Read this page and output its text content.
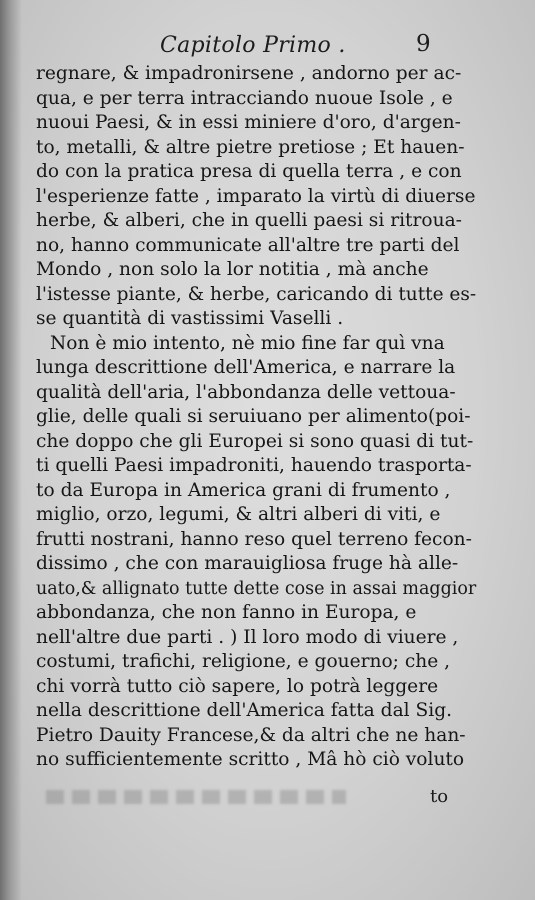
Capitolo Primo .	9
regnare, & impadronirsene , andorno per ac-
qua, e per terra intracciando nuoue Isole , e
nuoui Paesi, & in essi miniere d'oro, d'argen-
to, metalli, & altre pietre pretiose ; Et hauen-
do con la pratica presa di quella terra , e con
l'esperienze fatte , imparato la virtù di diuerse
herbe, & alberi, che in quelli paesi si ritroua-
no, hanno communicate all'altre tre parti del
Mondo , non solo la lor notitia , mà anche
l'istesse piante, & herbe, caricando di tutte es-
se quantità di vastissimi Vaselli .
Non è mio intento, nè mio fine far quì vna
lunga descrittione dell'America, e narrare la
qualità dell'aria, l'abbondanza delle vettoua-
glie, delle quali si seruiuano per alimento(poi-
che doppo che gli Europei si sono quasi di tut-
ti quelli Paesi impadroniti, hauendo trasporta-
to da Europa in America grani di frumento ,
miglio, orzo, legumi, & altri alberi di viti, e
frutti nostrani, hanno reso quel terreno fecon-
dissimo , che con marauigliosa fruge hà alle-
uato,& allignato tutte dette cose in assai maggior
abbondanza, che non fanno in Europa, e
nell'altre due parti . ) Il loro modo di viuere ,
costumi, trafichi, religione, e gouerno; che ,
chi vorrà tutto ciò sapere, lo potrà leggere
nella descrittione dell'America fatta dal Sig.
Pietro Dauity Francese,& da altri che ne han-
no sufficientemente scritto , Mâ hò ciò voluto
to
